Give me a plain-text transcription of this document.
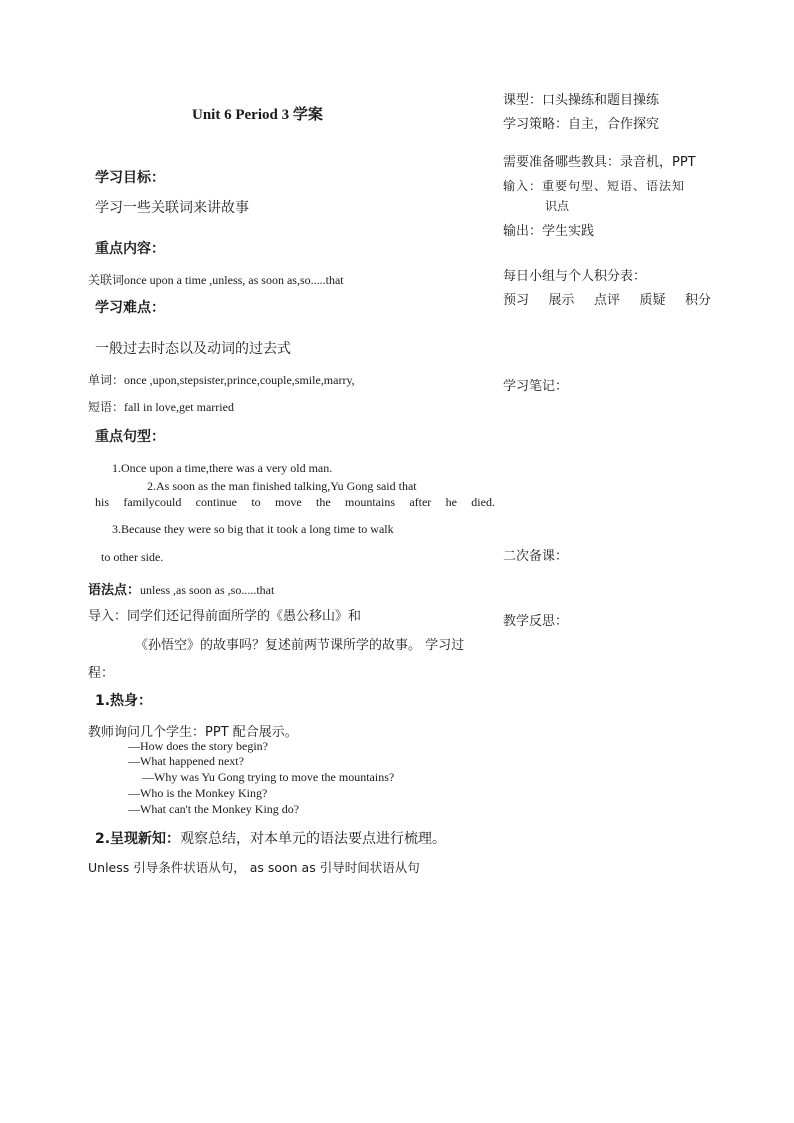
Unit 6 Period 3 学案
学习目标：
学习一些关联词来讲故事
重点内容：
关联词once upon a time ,unless, as soon as,so.....that
学习难点：
一般过去时态以及动词的过去式
单词：once ,upon,stepsister,prince,couple,smile,marry,
短语：fall in love,get married
重点句型：
1.Once upon a time,there was a very old man.
2.As soon as the man finished talking,Yu Gong said that
his familycould continue to move the mountains after he died.
3.Because they were so big that it took a long time to walk
to other side.
语法点：unless ,as soon as ,so.....that
导入：同学们还记得前面所学的《愚公移山》和
《孙悟空》的故事吗？复述前两节课所学的故事。 学习过
程：
1.热身：
教师询问几个学生：PPT 配合展示。
—How does the story begin?
—What happened next?
—Why was Yu Gong trying to move the mountains?
—Who is the Monkey King?
—What can't the Monkey King do?
2.呈现新知：观察总结，对本单元的语法要点进行梳理。
Unless 引导条件状语从句， as soon as 引导时间状语从句
课型：口头操练和题目操练
学习策略：自主，合作探究
需要准备哪些教具：录音机，PPT
输入：重要句型、短语、语法知
识点
输出：学生实践
每日小组与个人积分表：
预习 展示 点评 质疑 积分
学习笔记：
二次备课：
教学反思：
